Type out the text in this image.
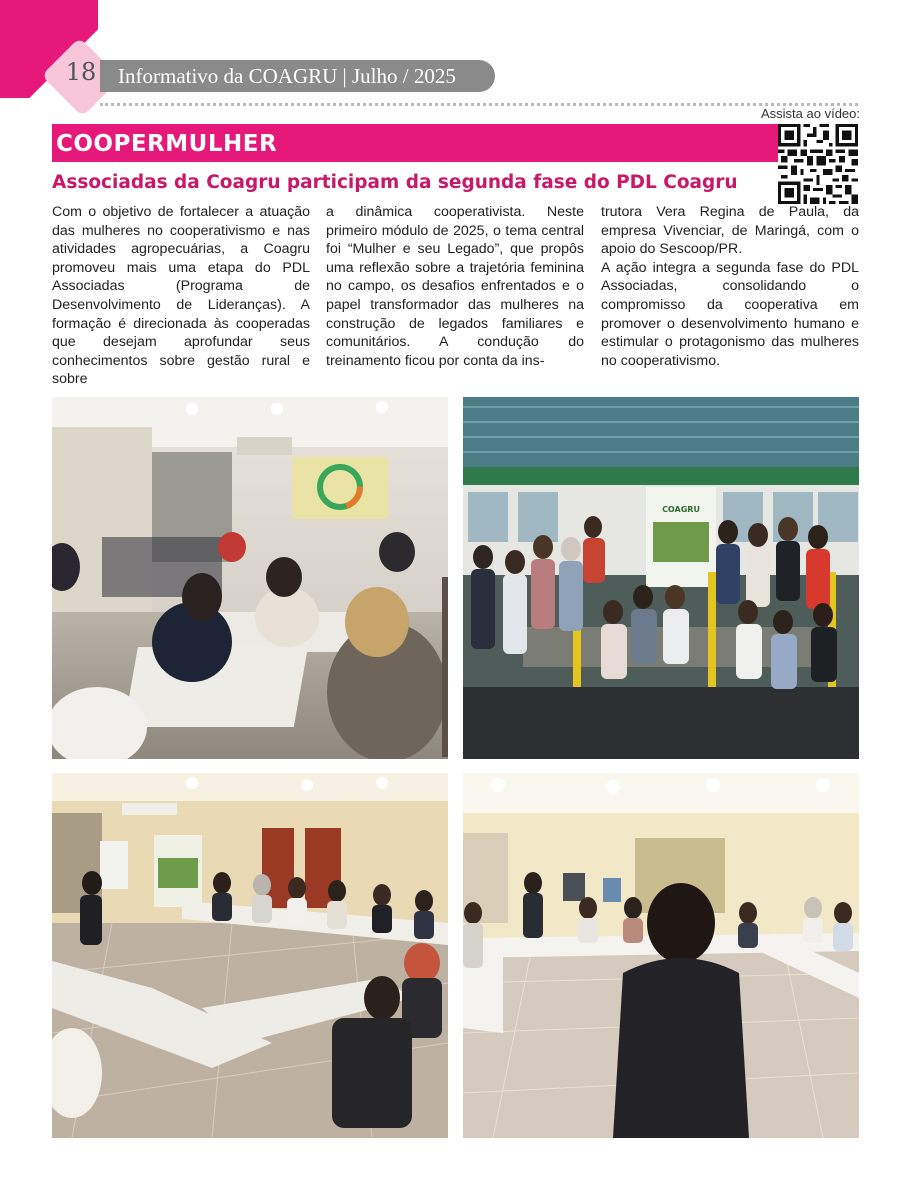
18	Informativo da COAGRU | Julho / 2025
COOPERMULHER
Assista ao vídeo:
Associadas da Coagru participam da segunda fase do PDL Coagru

Com o objetivo de fortalecer a atuação das mulheres no cooperativismo e nas atividades agropecuárias, a Coagru promoveu mais uma etapa do PDL Associadas (Programa de Desenvolvimento de Lideranças). A formação é direcionada às cooperadas que desejam aprofundar seus conhecimentos sobre gestão rural e sobre

a dinâmica cooperativista. Neste primeiro módulo de 2025, o tema central foi “Mulher e seu Legado”, que propôs uma reflexão sobre a trajetória feminina no campo, os desafios enfrentados e o papel transformador das mulheres na construção de legados familiares e comunitários. A condução do treinamento ficou por conta da ins-

trutora Vera Regina de Paula, da empresa Vivenciar, de Maringá, com o apoio do Sescoop/PR.

A ação integra a segunda fase do PDL Associadas, consolidando o compromisso da cooperativa em promover o desenvolvimento humano e estimular o protagonismo das mulheres no cooperativismo.

COAGRU
